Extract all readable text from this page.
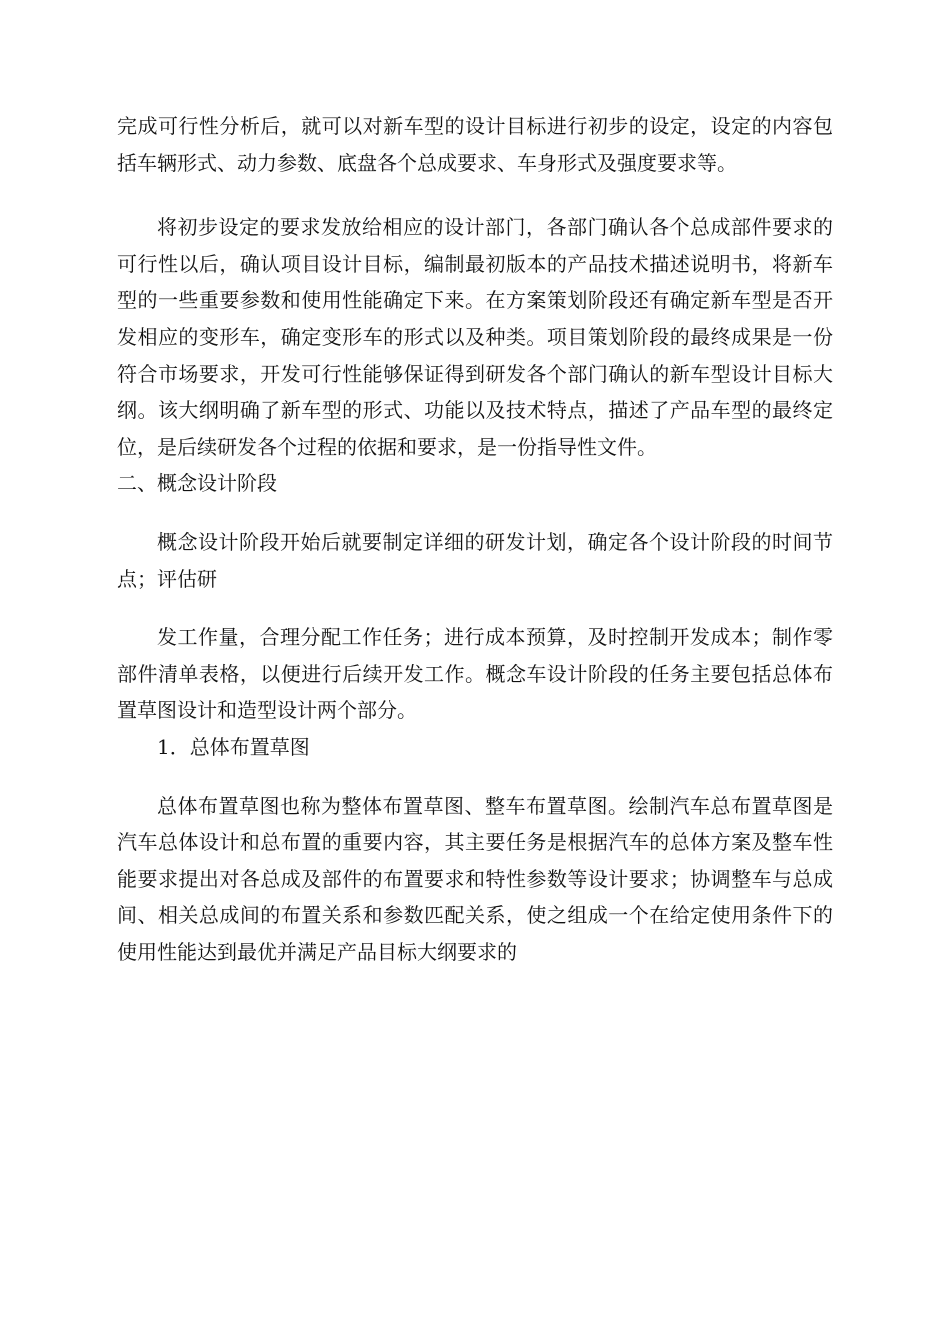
完成可行性分析后，就可以对新车型的设计目标进行初步的设定，设定的内容包括车辆形式、动力参数、底盘各个总成要求、车身形式及强度要求等。

将初步设定的要求发放给相应的设计部门，各部门确认各个总成部件要求的可行性以后，确认项目设计目标，编制最初版本的产品技术描述说明书，将新车型的一些重要参数和使用性能确定下来。在方案策划阶段还有确定新车型是否开发相应的变形车，确定变形车的形式以及种类。项目策划阶段的最终成果是一份符合市场要求，开发可行性能够保证得到研发各个部门确认的新车型设计目标大纲。该大纲明确了新车型的形式、功能以及技术特点，描述了产品车型的最终定位，是后续研发各个过程的依据和要求，是一份指导性文件。

二、概念设计阶段

概念设计阶段开始后就要制定详细的研发计划，确定各个设计阶段的时间节点；评估研

发工作量，合理分配工作任务；进行成本预算，及时控制开发成本；制作零部件清单表格，以便进行后续开发工作。概念车设计阶段的任务主要包括总体布置草图设计和造型设计两个部分。

1．总体布置草图

总体布置草图也称为整体布置草图、整车布置草图。绘制汽车总布置草图是汽车总体设计和总布置的重要内容，其主要任务是根据汽车的总体方案及整车性能要求提出对各总成及部件的布置要求和特性参数等设计要求；协调整车与总成间、相关总成间的布置关系和参数匹配关系，使之组成一个在给定使用条件下的使用性能达到最优并满足产品目标大纲要求的
